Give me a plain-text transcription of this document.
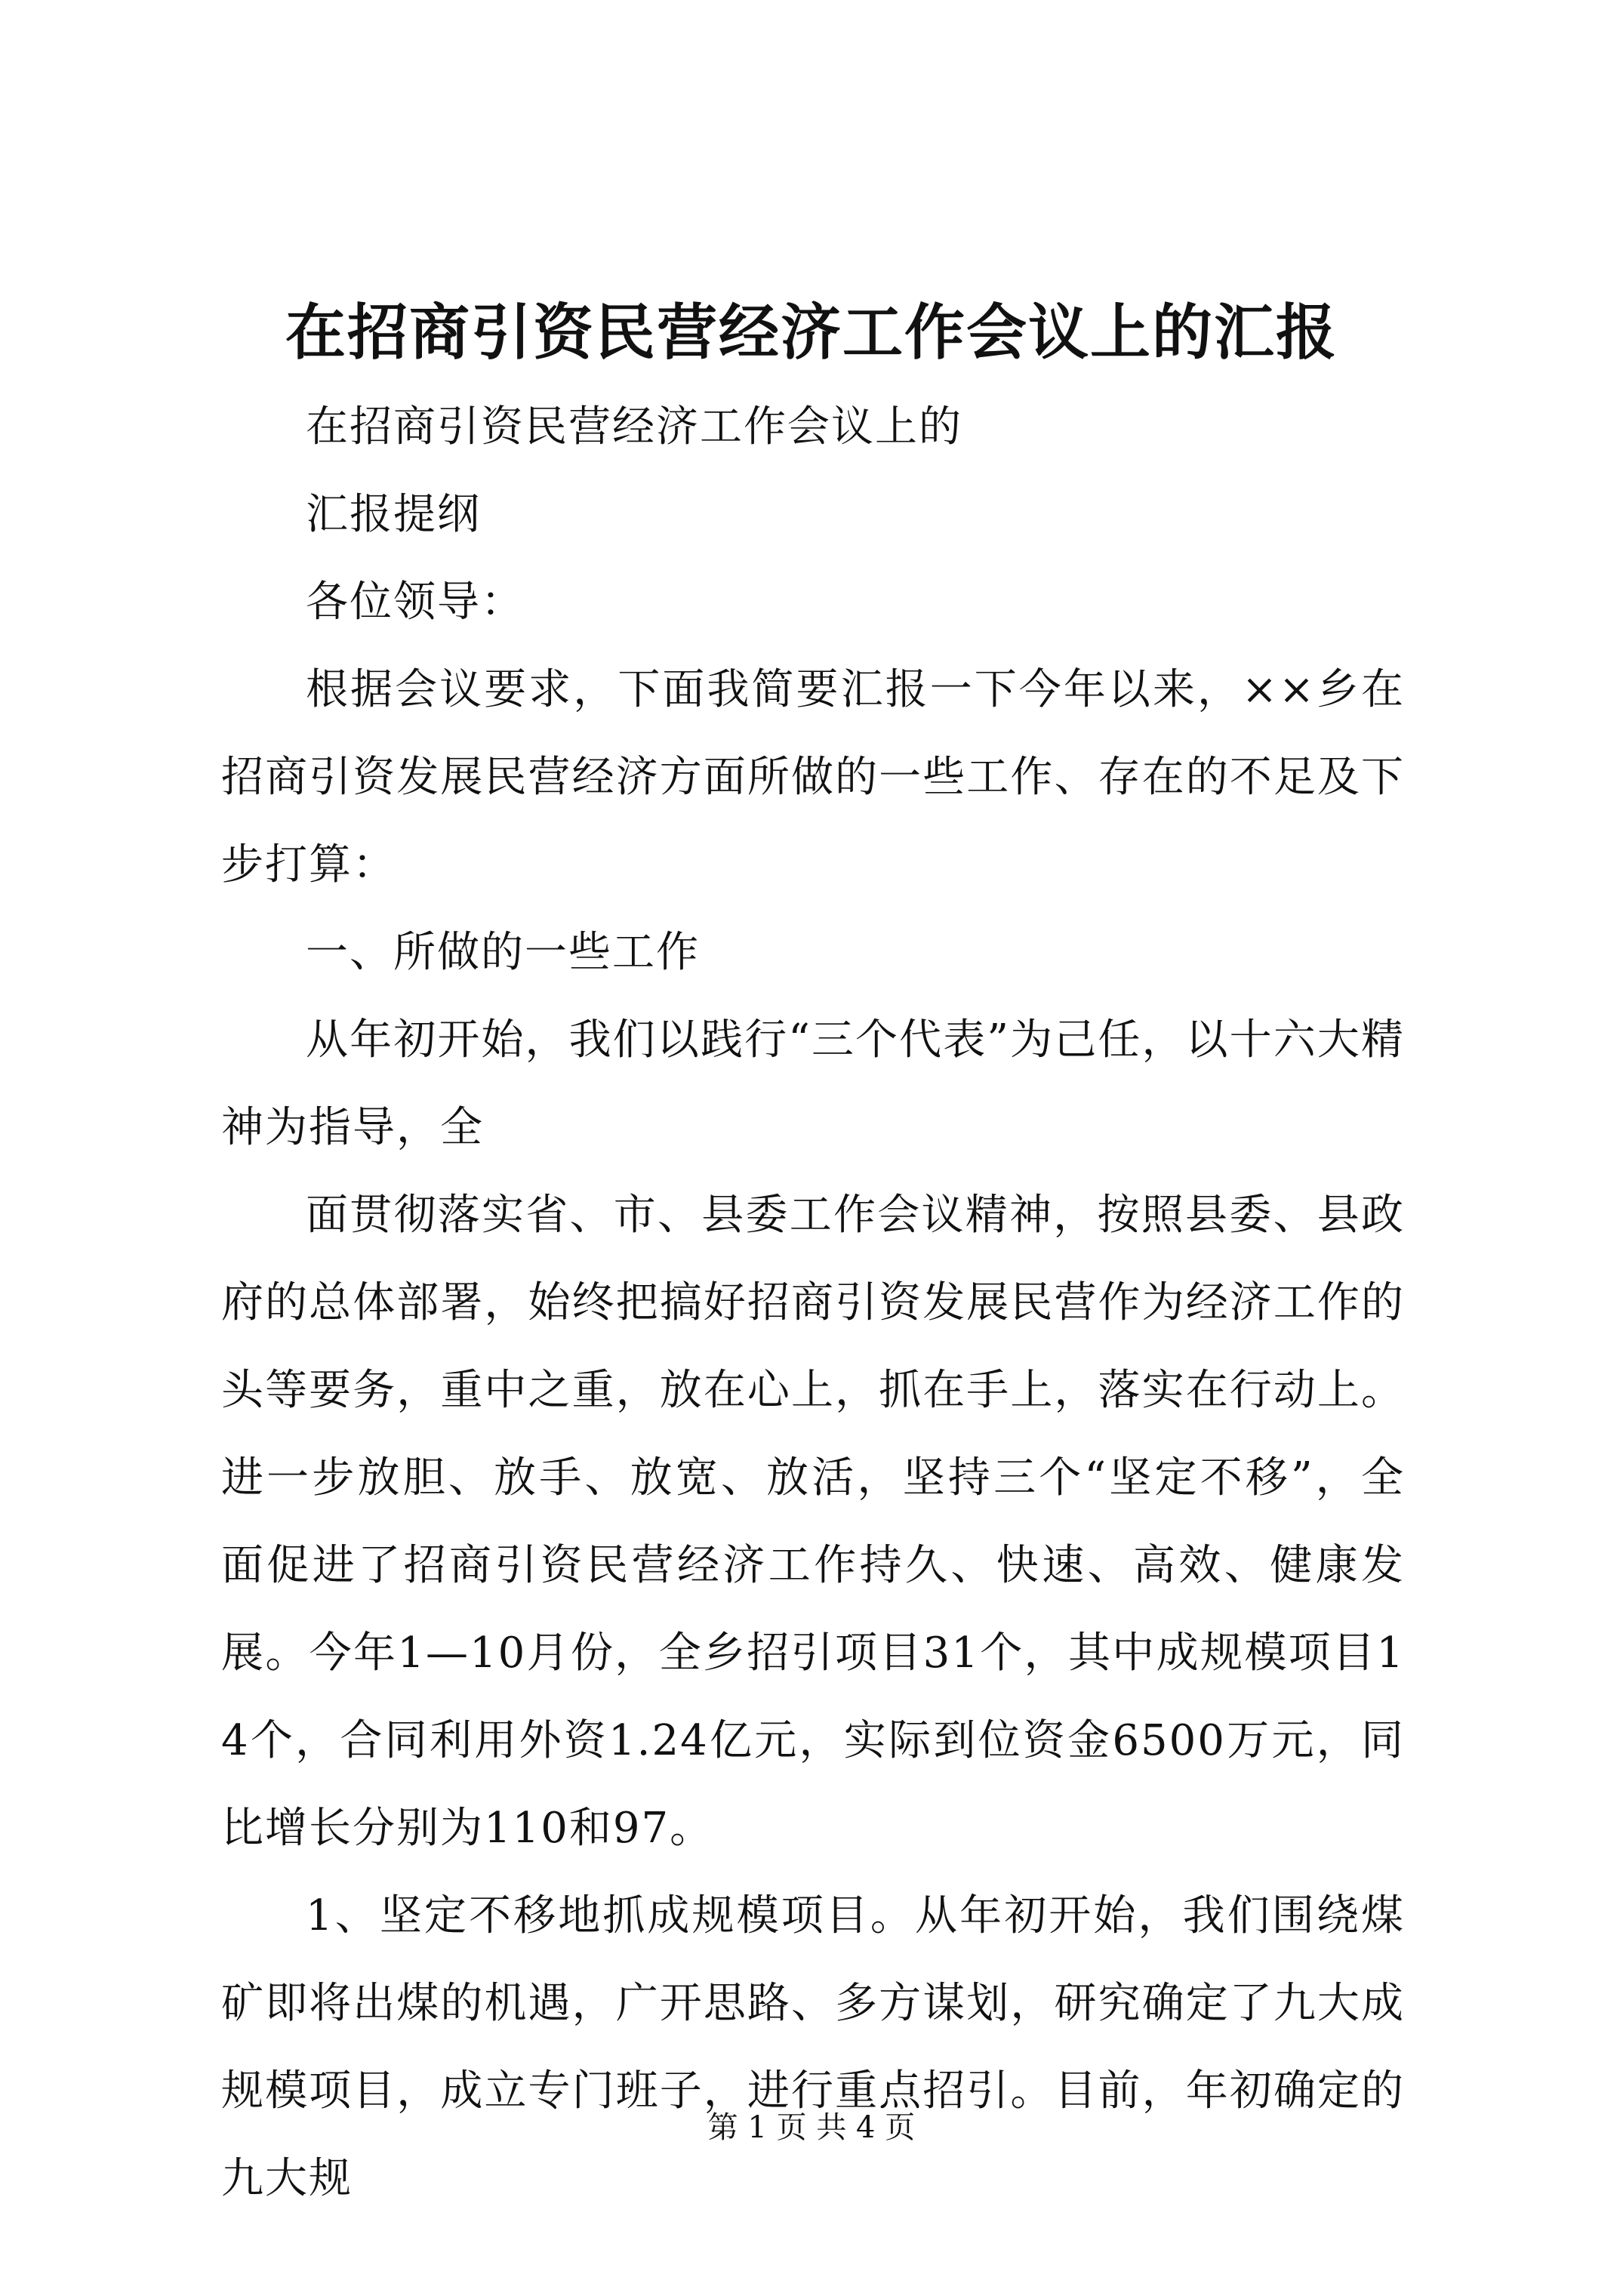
在招商引资民营经济工作会议上的汇报

在招商引资民营经济工作会议上的

汇报提纲

各位领导：

根据会议要求，下面我简要汇报一下今年以来，××乡在招商引资发展民营经济方面所做的一些工作、存在的不足及下步打算：

一、所做的一些工作

从年初开始，我们以践行“三个代表”为己任，以十六大精神为指导，全

面贯彻落实省、市、县委工作会议精神，按照县委、县政府的总体部署，始终把搞好招商引资发展民营作为经济工作的头等要务，重中之重，放在心上，抓在手上，落实在行动上。进一步放胆、放手、放宽、放活，坚持三个“坚定不移”，全面促进了招商引资民营经济工作持久、快速、高效、健康发展。今年1—10月份，全乡招引项目31个，其中成规模项目14个，合同利用外资1.24亿元，实际到位资金6500万元，同比增长分别为110和97。

1、坚定不移地抓成规模项目。从年初开始，我们围绕煤矿即将出煤的机遇，广开思路、多方谋划，研究确定了九大成规模项目，成立专门班子，进行重点招引。目前，年初确定的九大规

第 1 页 共 4 页
